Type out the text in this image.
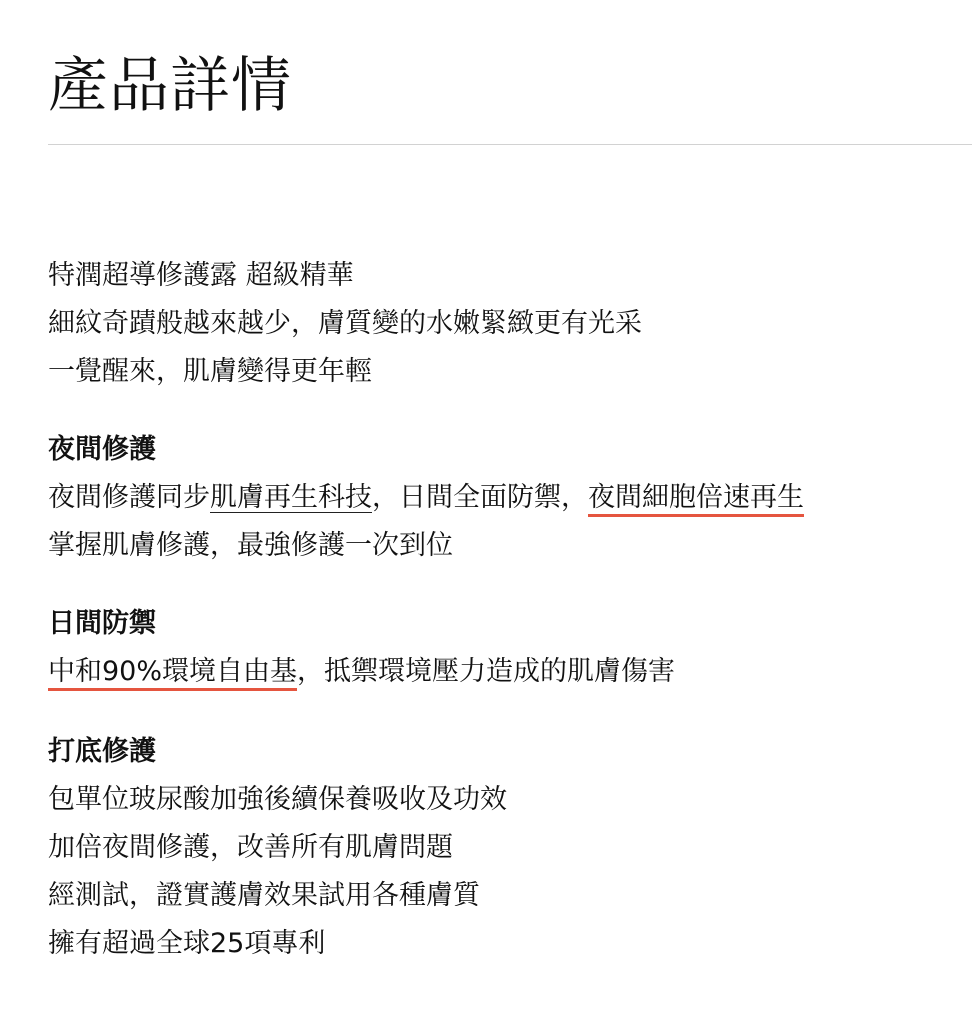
產品詳情

特潤超導修護露 超級精華

細紋奇蹟般越來越少，膚質變的水嫩緊緻更有光采

一覺醒來，肌膚變得更年輕

夜間修護

夜間修護同步肌膚再生科技，日間全面防禦，夜間細胞倍速再生

掌握肌膚修護，最強修護一次到位

日間防禦

中和90%環境自由基，抵禦環境壓力造成的肌膚傷害

打底修護

包單位玻尿酸加強後續保養吸收及功效

加倍夜間修護，改善所有肌膚問題

經測試，證實護膚效果試用各種膚質

擁有超過全球25項專利
